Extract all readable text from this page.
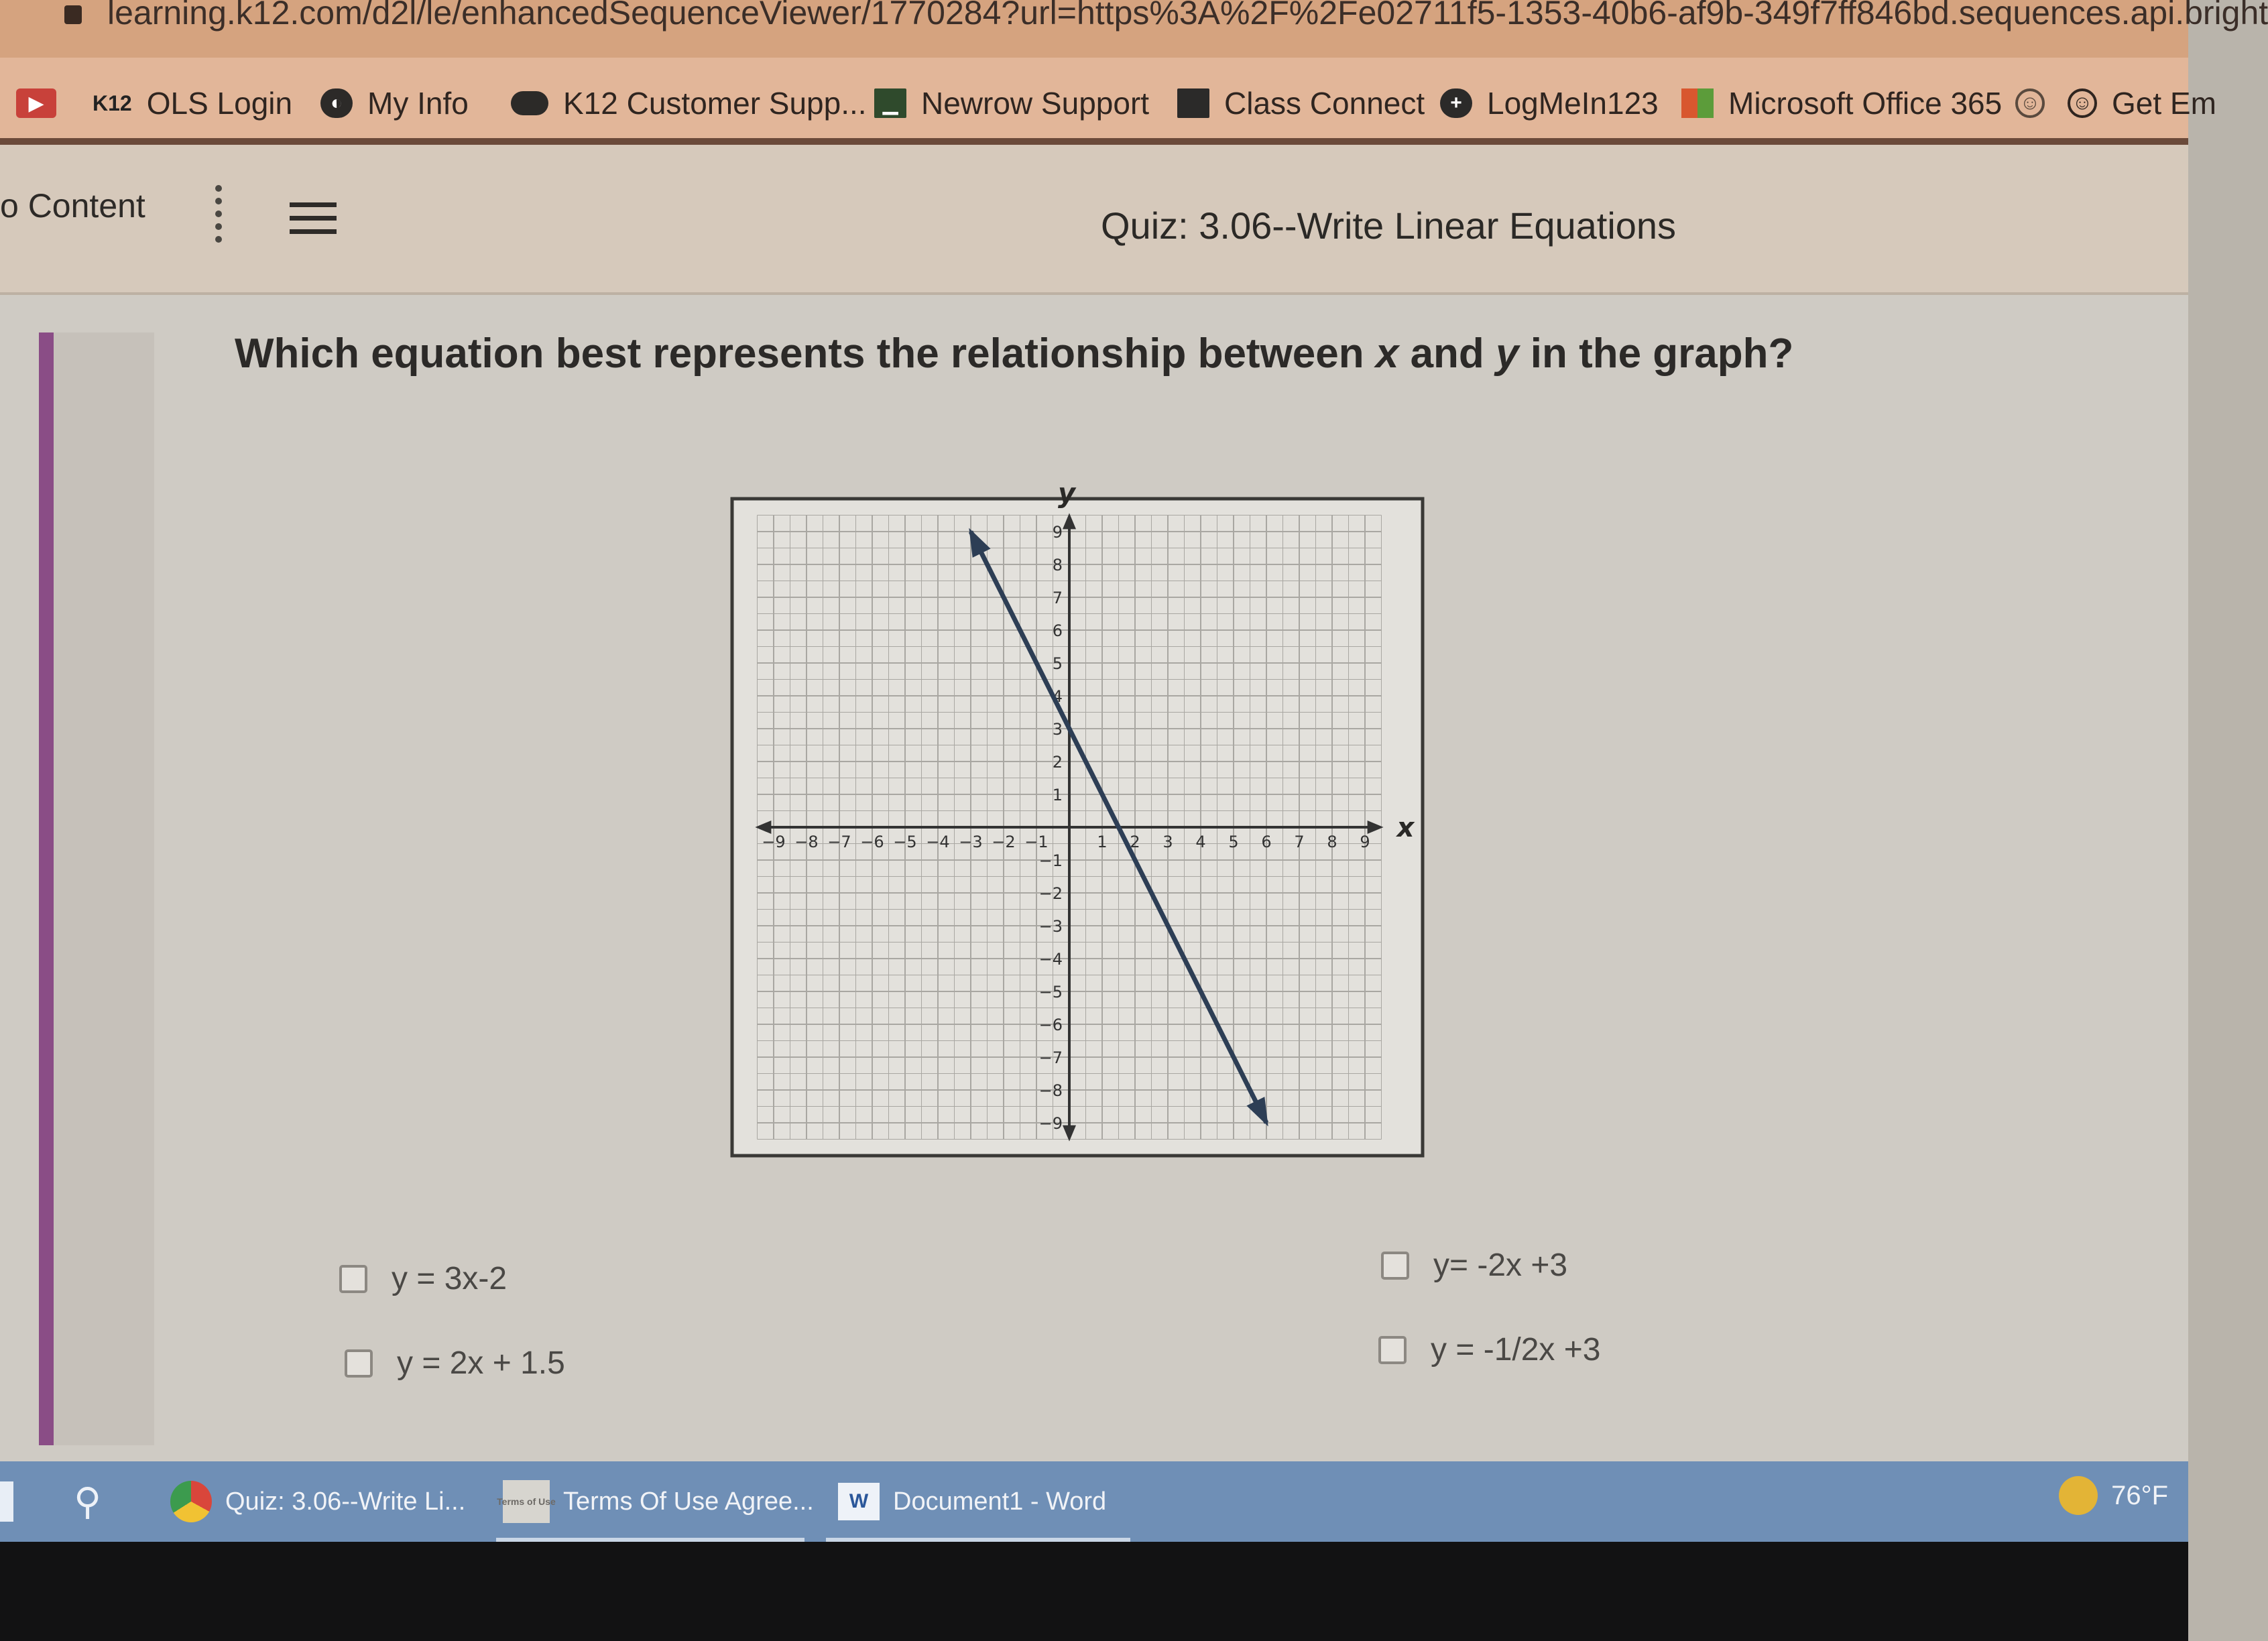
learning.k12.com/d2l/le/enhancedSequenceViewer/1770284?url=https%3A%2F%2Fe02711f5-1353-40b6-af9b-349f7ff846bd.sequences.api.bright
▶	K12 OLS Login	◐ My Info	K12 Customer Supp... ▁ Newrow Support Class Connect	+ LogMeIn123 Microsoft Office 365 ☺ ☺ Get Em
o Content	Quiz: 3.06--Write Linear Equations
Which equation best represents the relationship between x and y in the graph?
−9 −8 −7 −6 −5 −4 −3 −2 −1	1 2 3 4 5 6 7 8 9
−9
−8
−7
−6
−5
−4
−3
−2
−1
1
2
3
4
5
6
7
8
9
x
y
y = 3x-2	y= -2x +3
y = 2x + 1.5	y = -1/2x +3
⚲	Quiz: 3.06--Write Li...	Terms of Use Terms Of Use Agree...	W Document1 - Word	76°F
